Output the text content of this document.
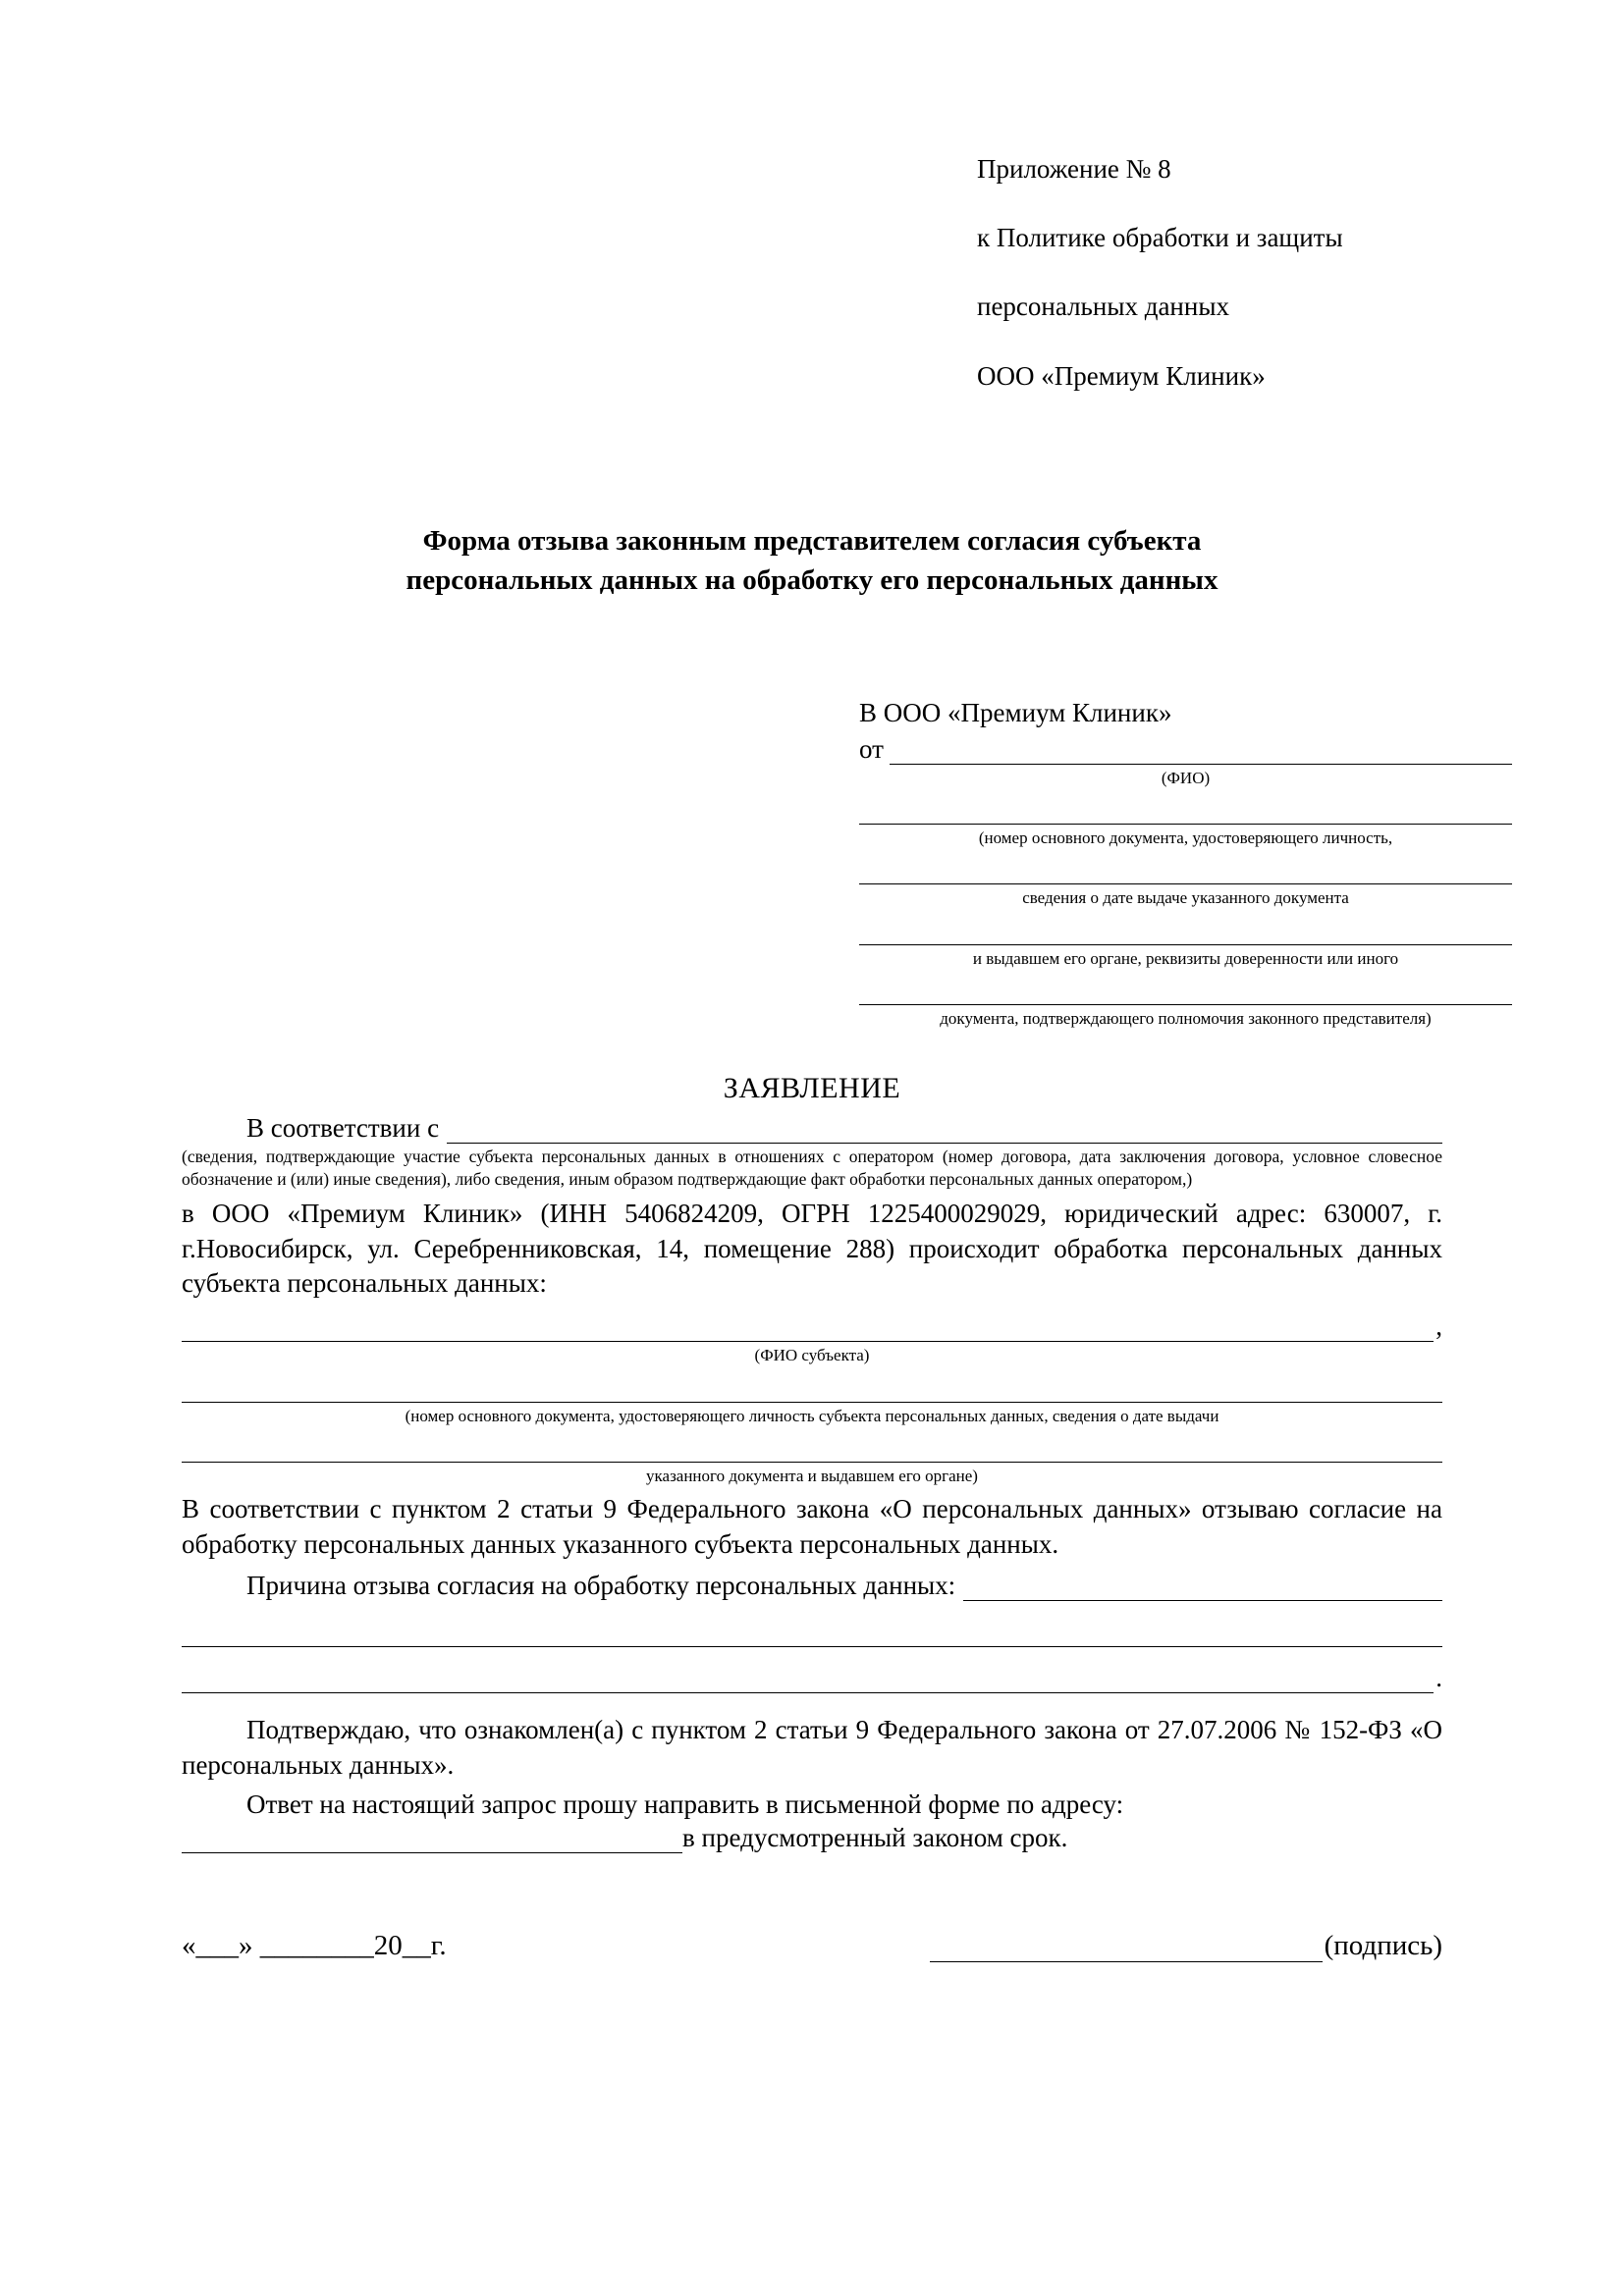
Приложение № 8

к Политике обработки и защиты

персональных данных

ООО «Премиум Клиник»

Форма отзыва законным представителем согласия субъекта
персональных данных на обработку его персональных данных
В ООО «Премиум Клиник»
от
(ФИО)
(номер основного документа, удостоверяющего личность,
сведения о дате выдаче указанного документа
и выдавшем его органе, реквизиты доверенности или иного
документа, подтверждающего полномочия законного представителя)
ЗАЯВЛЕНИЕ
В соответствии с
(сведения, подтверждающие участие субъекта персональных данных в отношениях с оператором (номер договора, дата заключения договора, условное словесное обозначение и (или) иные сведения), либо сведения, иным образом подтверждающие факт обработки персональных данных оператором,)
в ООО «Премиум Клиник» (ИНН 5406824209, ОГРН 1225400029029, юридический адрес: 630007, г. г.Новосибирск, ул. Серебренниковская, 14, помещение 288) происходит обработка персональных данных субъекта персональных данных:
,
(ФИО субъекта)
(номер основного документа, удостоверяющего личность субъекта персональных данных, сведения о дате выдачи
указанного документа и выдавшем его органе)
В соответствии с пунктом 2 статьи 9 Федерального закона «О персональных данных» отзываю согласие на обработку персональных данных указанного субъекта персональных данных.
Причина отзыва согласия на обработку персональных данных:
.
Подтверждаю, что ознакомлен(а) с пунктом 2 статьи 9 Федерального закона от 27.07.2006 № 152-ФЗ «О персональных данных».
Ответ на настоящий запрос прошу направить в письменной форме по адресу:
в предусмотренный законом срок.
«___» ________20__г.	(подпись)
